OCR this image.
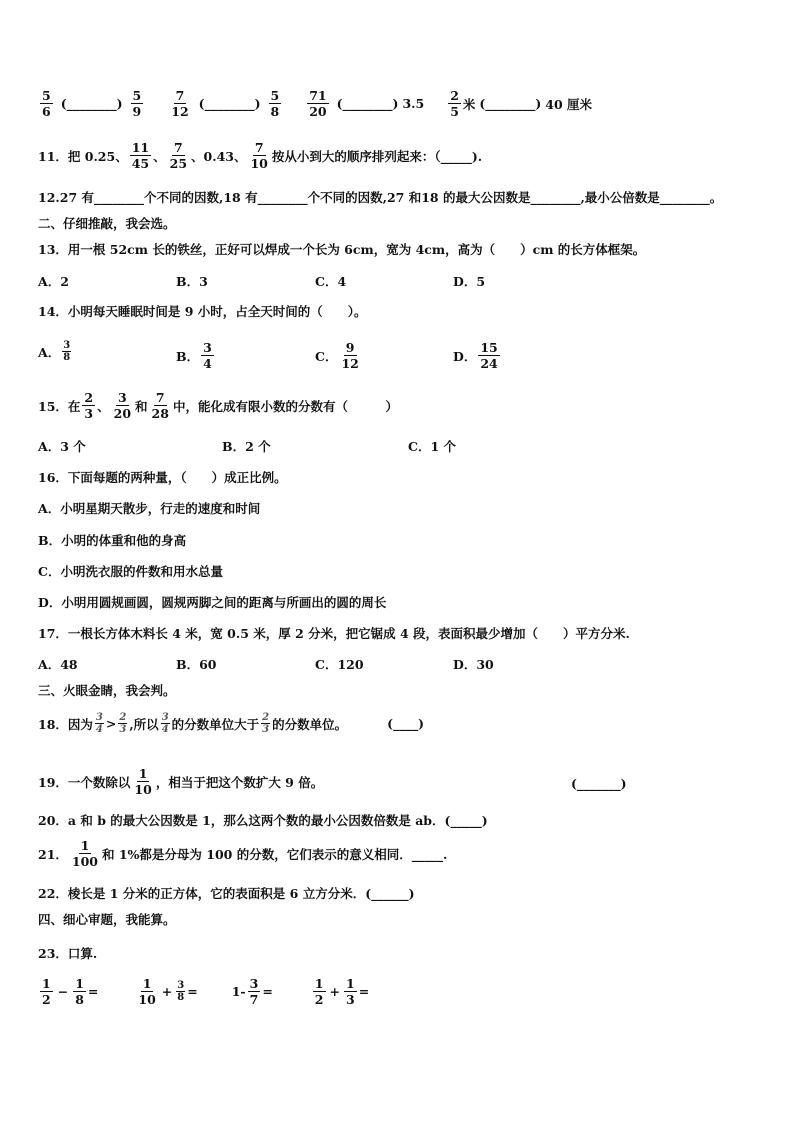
5
6
(________)
5
9
7
12
(________)
5
8
71
20
(________) 3.5
2
5 米 (________) 40 厘米
11．把 0.25、
11
45 、
7
25 、0.43、
7
10 按从小到大的顺序排列起来：（_____).
12.27 有________个不同的因数,18 有________个不同的因数,27 和18 的最大公因数是________,最小公倍数是________。
二、仔细推敲，我会选。
13．用一根 52cm 长的铁丝，正好可以焊成一个长为 6cm，宽为 4cm，高为（　　）cm 的长方体框架。
A．2	B．3	C．4	D．5
14．小明每天睡眠时间是 9 小时，占全天时间的（　　）。
A． 3
8	B．
3
4	C．
9
12	D．
15
24
15．在
2
3 、
3
20 和
7
28 中，能化成有限小数的分数有（　　　）
A．3 个	B．2 个	C．1 个
16．下面每题的两种量，（　　）成正比例。
A．小明星期天散步，行走的速度和时间
B．小明的体重和他的身高
C．小明洗衣服的件数和用水总量
D．小明用圆规画圆，圆规两脚之间的距离与所画出的圆的周长
17．一根长方体木料长 4 米，宽 0.5 米，厚 2 分米，把它锯成 4 段，表面积最少增加（　　）平方分米.
A．48	B．60	C．120	D．30
三、火眼金睛，我会判。
18．因为 3
4 > 2
3 ,所以 3
4 的分数单位大于 2
3 的分数单位。	(____)
19．一个数除以
1
10 ，相当于把这个数扩大 9 倍。	(_______)
20．a 和 b 的最大公因数是 1，那么这两个数的最小公因数倍数是 ab．(_____)
21．
1
100 和 1%都是分母为 100 的分数，它们表示的意义相同．_____.
22．棱长是 1 分米的正方体，它的表面积是 6 立方分米．(______)
四、细心审题，我能算。
23．口算.
1
2
− $\frac{1}{8}$ =
1
10
+ $\frac{3}{8}$ =	$1- \frac{3}{7}$ =
1
2
+ $\frac{1}{3}$ =
